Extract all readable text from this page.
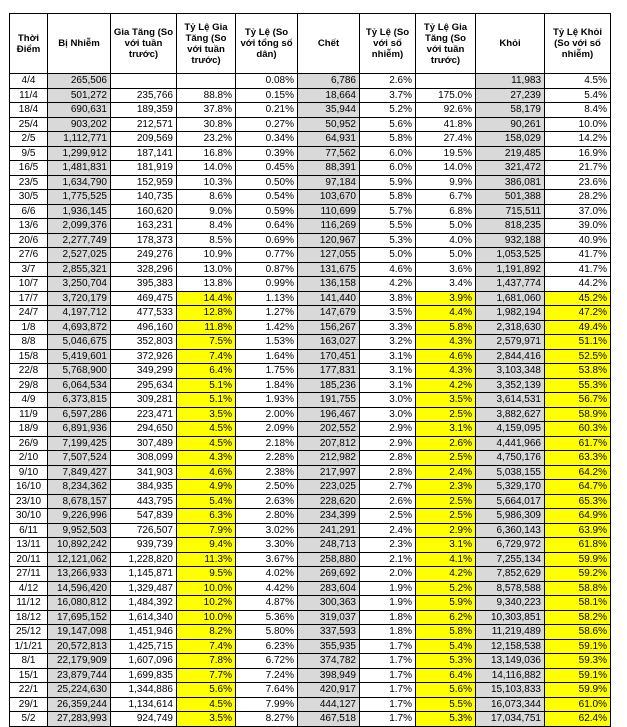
Thời Điểm	Bị Nhiễm	Gia Tăng (So với tuần trước)	Tỷ Lệ Gia Tăng (So với tuần trước)	Tỷ Lệ (So với tổng số dân)	Chết	Tỷ Lệ (So với số nhiễm)	Tỷ Lệ Gia Tăng (So với tuần trước)	Khỏi	Tỷ Lệ Khỏi (So với số nhiễm)
4/4	265,506			0.08%	6,786	2.6%		11,983	4.5%
11/4	501,272	235,766	88.8%	0.15%	18,664	3.7%	175.0%	27,239	5.4%
18/4	690,631	189,359	37.8%	0.21%	35,944	5.2%	92.6%	58,179	8.4%
25/4	903,202	212,571	30.8%	0.27%	50,952	5.6%	41.8%	90,261	10.0%
2/5	1,112,771	209,569	23.2%	0.34%	64,931	5.8%	27.4%	158,029	14.2%
9/5	1,299,912	187,141	16.8%	0.39%	77,562	6.0%	19.5%	219,485	16.9%
16/5	1,481,831	181,919	14.0%	0.45%	88,391	6.0%	14.0%	321,472	21.7%
23/5	1,634,790	152,959	10.3%	0.50%	97,184	5.9%	9.9%	386,081	23.6%
30/5	1,775,525	140,735	8.6%	0.54%	103,670	5.8%	6.7%	501,388	28.2%
6/6	1,936,145	160,620	9.0%	0.59%	110,699	5.7%	6.8%	715,511	37.0%
13/6	2,099,376	163,231	8.4%	0.64%	116,269	5.5%	5.0%	818,235	39.0%
20/6	2,277,749	178,373	8.5%	0.69%	120,967	5.3%	4.0%	932,188	40.9%
27/6	2,527,025	249,276	10.9%	0.77%	127,055	5.0%	5.0%	1,053,525	41.7%
3/7	2,855,321	328,296	13.0%	0.87%	131,675	4.6%	3.6%	1,191,892	41.7%
10/7	3,250,704	395,383	13.8%	0.99%	136,158	4.2%	3.4%	1,437,774	44.2%
17/7	3,720,179	469,475	14.4%	1.13%	141,440	3.8%	3.9%	1,681,060	45.2%
24/7	4,197,712	477,533	12.8%	1.27%	147,679	3.5%	4.4%	1,982,194	47.2%
1/8	4,693,872	496,160	11.8%	1.42%	156,267	3.3%	5.8%	2,318,630	49.4%
8/8	5,046,675	352,803	7.5%	1.53%	163,027	3.2%	4.3%	2,579,971	51.1%
15/8	5,419,601	372,926	7.4%	1.64%	170,451	3.1%	4.6%	2,844,416	52.5%
22/8	5,768,900	349,299	6.4%	1.75%	177,831	3.1%	4.3%	3,103,348	53.8%
29/8	6,064,534	295,634	5.1%	1.84%	185,236	3.1%	4.2%	3,352,139	55.3%
4/9	6,373,815	309,281	5.1%	1.93%	191,755	3.0%	3.5%	3,614,531	56.7%
11/9	6,597,286	223,471	3.5%	2.00%	196,467	3.0%	2.5%	3,882,627	58.9%
18/9	6,891,936	294,650	4.5%	2.09%	202,552	2.9%	3.1%	4,159,095	60.3%
26/9	7,199,425	307,489	4.5%	2.18%	207,812	2.9%	2.6%	4,441,966	61.7%
2/10	7,507,524	308,099	4.3%	2.28%	212,982	2.8%	2.5%	4,750,176	63.3%
9/10	7,849,427	341,903	4.6%	2.38%	217,997	2.8%	2.4%	5,038,155	64.2%
16/10	8,234,362	384,935	4.9%	2.50%	223,025	2.7%	2.3%	5,329,170	64.7%
23/10	8,678,157	443,795	5.4%	2.63%	228,620	2.6%	2.5%	5,664,017	65.3%
30/10	9,226,996	547,839	6.3%	2.80%	234,399	2.5%	2.5%	5,986,309	64.9%
6/11	9,952,503	726,507	7.9%	3.02%	241,291	2.4%	2.9%	6,360,143	63.9%
13/11	10,892,242	939,739	9.4%	3.30%	248,713	2.3%	3.1%	6,729,972	61.8%
20/11	12,121,062	1,228,820	11.3%	3.67%	258,880	2.1%	4.1%	7,255,134	59.9%
27/11	13,266,933	1,145,871	9.5%	4.02%	269,692	2.0%	4.2%	7,852,629	59.2%
4/12	14,596,420	1,329,487	10.0%	4.42%	283,604	1.9%	5.2%	8,578,588	58.8%
11/12	16,080,812	1,484,392	10.2%	4.87%	300,363	1.9%	5.9%	9,340,223	58.1%
18/12	17,695,152	1,614,340	10.0%	5.36%	319,037	1.8%	6.2%	10,303,851	58.2%
25/12	19,147,098	1,451,946	8.2%	5.80%	337,593	1.8%	5.8%	11,219,489	58.6%
1/1/21	20,572,813	1,425,715	7.4%	6.23%	355,935	1.7%	5.4%	12,158,538	59.1%
8/1	22,179,909	1,607,096	7.8%	6.72%	374,782	1.7%	5.3%	13,149,036	59.3%
15/1	23,879,744	1,699,835	7.7%	7.24%	398,949	1.7%	6.4%	14,116,882	59.1%
22/1	25,224,630	1,344,886	5.6%	7.64%	420,917	1.7%	5.6%	15,103,833	59.9%
29/1	26,359,244	1,134,614	4.5%	7.99%	444,127	1.7%	5.5%	16,073,344	61.0%
5/2	27,283,993	924,749	3.5%	8.27%	467,518	1.7%	5.3%	17,034,751	62.4%
